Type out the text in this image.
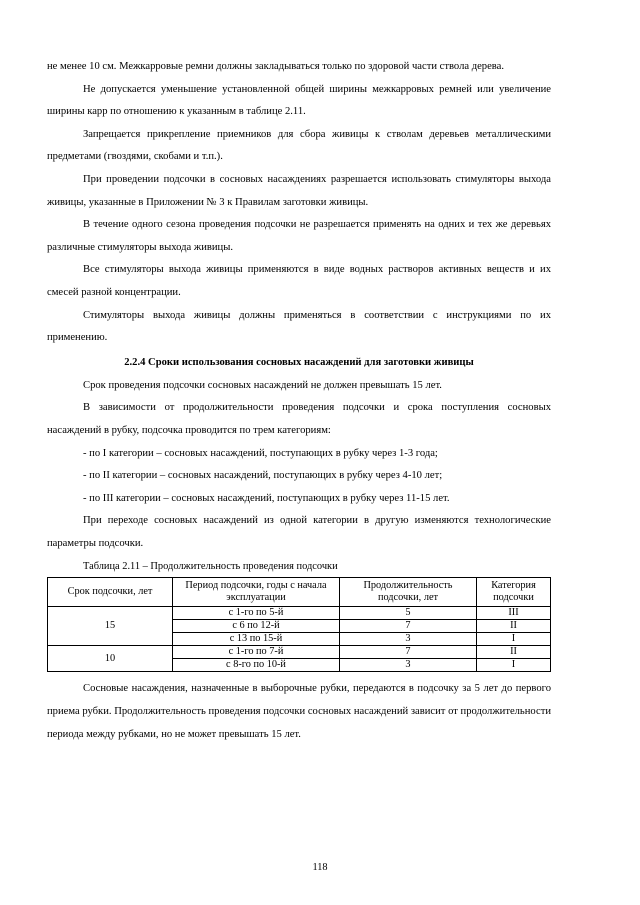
не менее 10 см. Межкарровые ремни должны закладываться только по здоровой части ствола дерева.

Не допускается уменьшение установленной общей ширины межкарровых ремней или увеличение ширины карр по отношению к указанным в таблице 2.11.

Запрещается прикрепление приемников для сбора живицы к стволам деревьев металлическими предметами (гвоздями, скобами и т.п.).

При проведении подсочки в сосновых насаждениях разрешается использовать стимуляторы выхода живицы, указанные в Приложении № 3 к Правилам заготовки живицы.

В течение одного сезона проведения подсочки не разрешается применять на одних и тех же деревьях различные стимуляторы выхода живицы.

Все стимуляторы выхода живицы применяются в виде водных растворов активных веществ и их смесей разной концентрации.

Стимуляторы выхода живицы должны применяться в соответствии с инструкциями по их применению.

2.2.4 Сроки использования сосновых насаждений для заготовки живицы

Срок проведения подсочки сосновых насаждений не должен превышать 15 лет.

В зависимости от продолжительности проведения подсочки и срока поступления сосновых насаждений в рубку, подсочка проводится по трем категориям:

- по I категории – сосновых насаждений, поступающих в рубку через 1-3 года;

- по II категории – сосновых насаждений, поступающих в рубку через 4-10 лет;

- по III категории – сосновых насаждений, поступающих в рубку через 11-15 лет.

При переходе сосновых насаждений из одной категории в другую изменяются технологические параметры подсочки.

Таблица 2.11 – Продолжительность проведения подсочки
Срок подсочки, лет	Период подсочки, годы с начала эксплуатации	Продолжительность подсочки, лет	Категория подсочки
15	с 1-го по 5-й	5	III
	с 6 по 12-й	7	II
	с 13 по 15-й	3	I
10	с 1-го по 7-й	7	II
	с 8-го по 10-й	3	I

Сосновые насаждения, назначенные в выборочные рубки, передаются в подсочку за 5 лет до первого приема рубки. Продолжительность проведения подсочки сосновых насаждений зависит от продолжительности периода между рубками, но не может превышать 15 лет.

118
